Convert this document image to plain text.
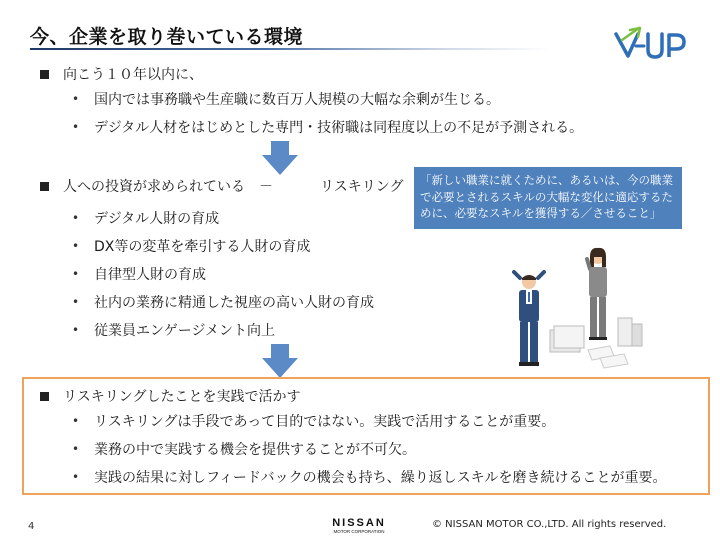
今、企業を取り巻いている環境
向こう１０年以内に、
•	国内では事務職や生産職に数百万人規模の大幅な余剰が生じる。
•	デジタル人材をはじめとした専門・技術職は同程度以上の不足が予測される。
人への投資が求められている　－	リスキリング	「新しい職業に就くために、あるいは、今の職業で必要とされるスキルの大幅な変化に適応するために、必要なスキルを獲得する／させること」
•	デジタル人財の育成
•	DX等の変革を牽引する人財の育成
•	自律型人財の育成
•	社内の業務に精通した視座の高い人財の育成
•	従業員エンゲージメント向上
リスキリングしたことを実践で活かす
•	リスキリングは手段であって目的ではない。実践で活用することが重要。
•	業務の中で実践する機会を提供することが不可欠。
•	実践の結果に対しフィードバックの機会も持ち、繰り返しスキルを磨き続けることが重要。
4	NISSAN
MOTOR CORPORATION
© NISSAN MOTOR CO.,LTD. All rights reserved.
